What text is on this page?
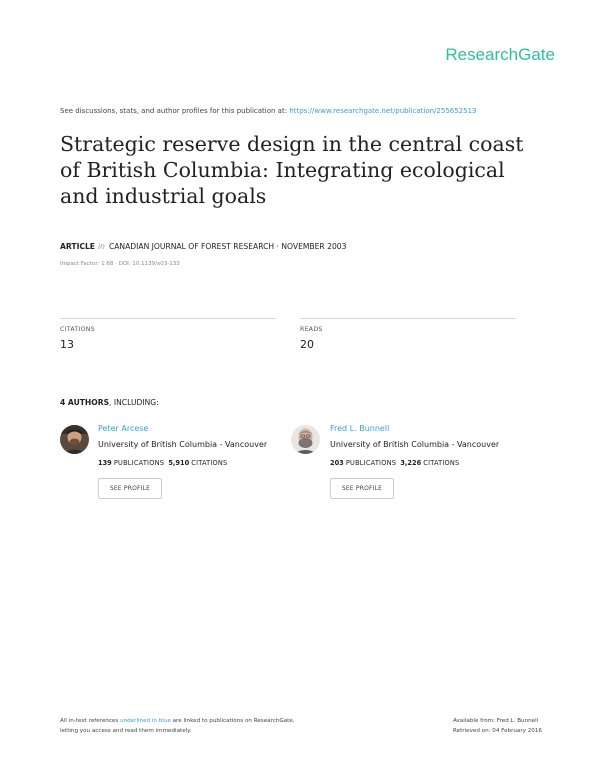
ResearchGate
See discussions, stats, and author profiles for this publication at: https://www.researchgate.net/publication/255652513
Strategic reserve design in the central coast of British Columbia: Integrating ecological and industrial goals
ARTICLE in CANADIAN JOURNAL OF FOREST RESEARCH · NOVEMBER 2003
Impact Factor: 1.68 · DOI: 10.1139/x03-133
CITATIONS
13
READS
20
4 AUTHORS, INCLUDING:
Peter Arcese
University of British Columbia - Vancouver
139 PUBLICATIONS 5,910 CITATIONS
SEE PROFILE
Fred L. Bunnell
University of British Columbia - Vancouver
203 PUBLICATIONS 3,226 CITATIONS
SEE PROFILE
All in-text references underlined in blue are linked to publications on ResearchGate,
letting you access and read them immediately.
Available from: Fred L. Bunnell
Retrieved on: 04 February 2016
